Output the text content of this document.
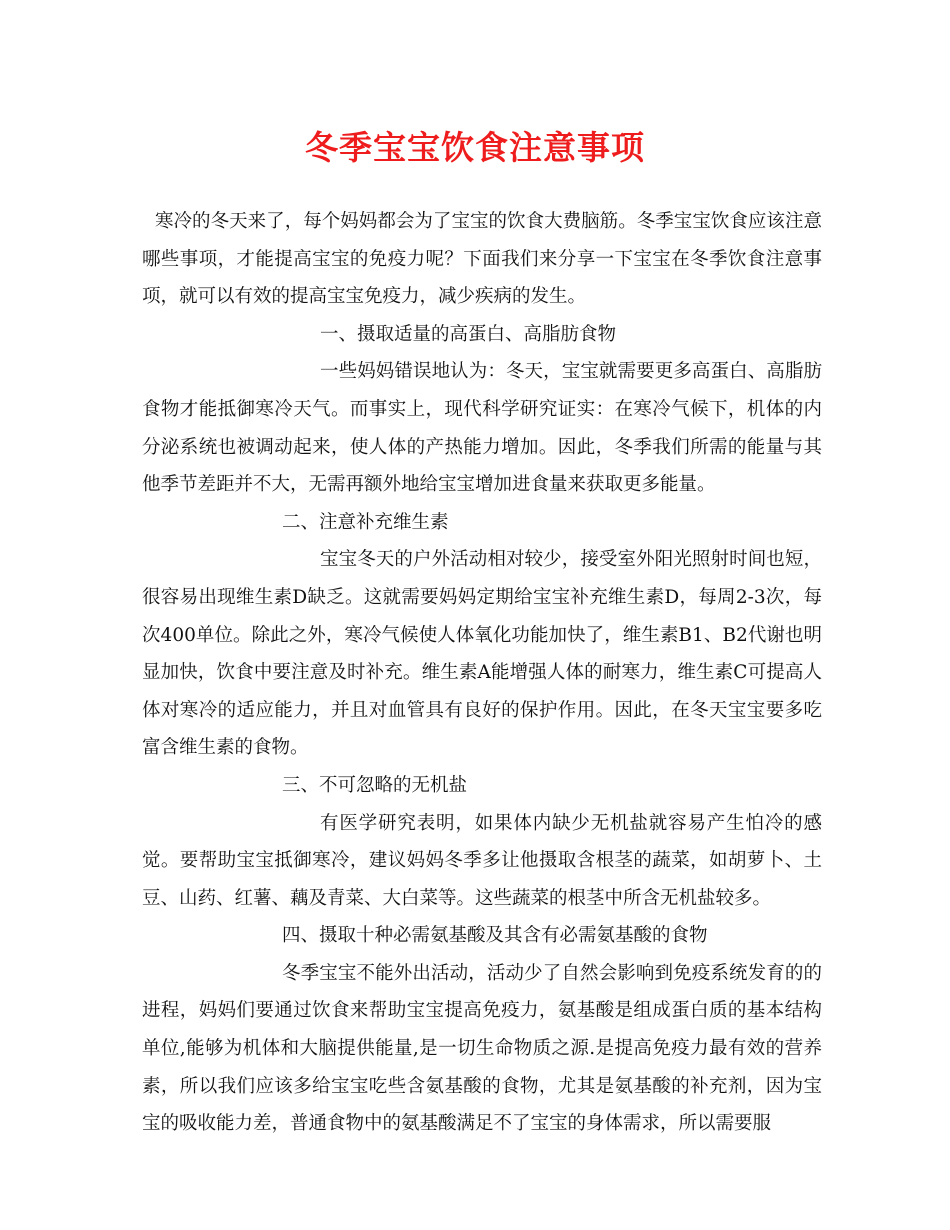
冬季宝宝饮食注意事项

寒冷的冬天来了，每个妈妈都会为了宝宝的饮食大费脑筋。冬季宝宝饮食应该注意哪些事项，才能提高宝宝的免疫力呢？下面我们来分享一下宝宝在冬季饮食注意事项，就可以有效的提高宝宝免疫力，减少疾病的发生。

一、摄取适量的高蛋白、高脂肪食物

一些妈妈错误地认为：冬天，宝宝就需要更多高蛋白、高脂肪食物才能抵御寒冷天气。而事实上，现代科学研究证实：在寒冷气候下，机体的内分泌系统也被调动起来，使人体的产热能力增加。因此，冬季我们所需的能量与其他季节差距并不大，无需再额外地给宝宝增加进食量来获取更多能量。

二、注意补充维生素

宝宝冬天的户外活动相对较少，接受室外阳光照射时间也短，很容易出现维生素D缺乏。这就需要妈妈定期给宝宝补充维生素D，每周2-3次，每次400单位。除此之外，寒冷气候使人体氧化功能加快了，维生素B1、B2代谢也明显加快，饮食中要注意及时补充。维生素A能增强人体的耐寒力，维生素C可提高人体对寒冷的适应能力，并且对血管具有良好的保护作用。因此，在冬天宝宝要多吃富含维生素的食物。

三、不可忽略的无机盐

有医学研究表明，如果体内缺少无机盐就容易产生怕冷的感觉。要帮助宝宝抵御寒冷，建议妈妈冬季多让他摄取含根茎的蔬菜，如胡萝卜、土豆、山药、红薯、藕及青菜、大白菜等。这些蔬菜的根茎中所含无机盐较多。

四、摄取十种必需氨基酸及其含有必需氨基酸的食物

冬季宝宝不能外出活动，活动少了自然会影响到免疫系统发育的的进程，妈妈们要通过饮食来帮助宝宝提高免疫力，氨基酸是组成蛋白质的基本结构单位,能够为机体和大脑提供能量,是一切生命物质之源.是提高免疫力最有效的营养素，所以我们应该多给宝宝吃些含氨基酸的食物，尤其是氨基酸的补充剂，因为宝宝的吸收能力差，普通食物中的氨基酸满足不了宝宝的身体需求，所以需要服
